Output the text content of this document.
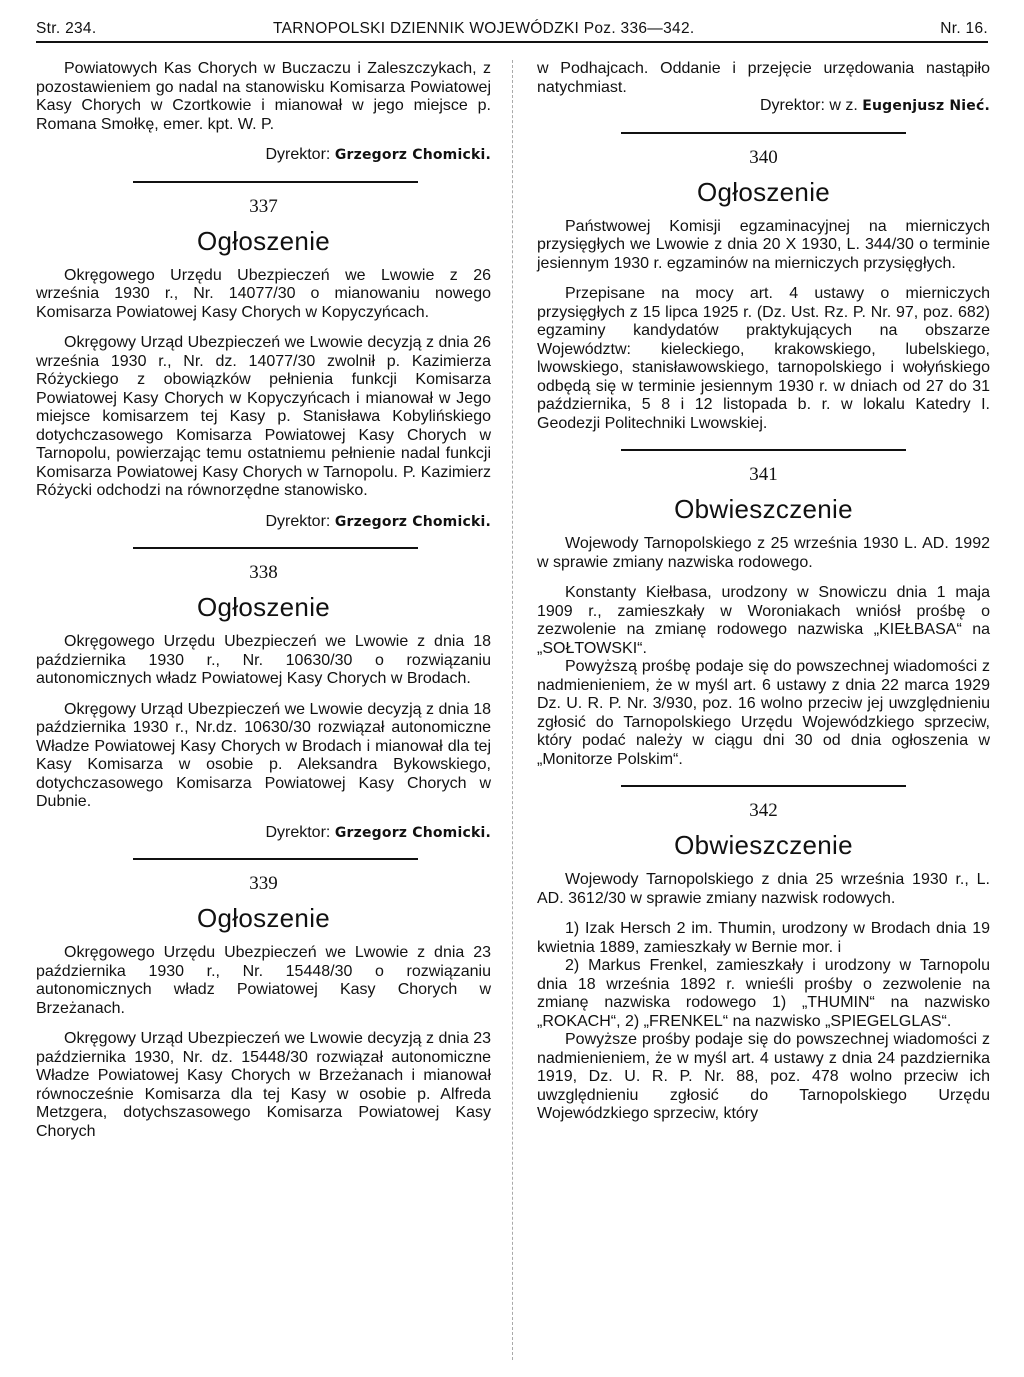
Str. 234.	TARNOPOLSKI DZIENNIK WOJEWÓDZKI Poz. 336—342.	Nr. 16.

Powiatowych Kas Chorych w Buczaczu i Zaleszczykach, z pozostawieniem go nadal na stanowisku Komisarza Powiatowej Kasy Chorych w Czortkowie i mianował w jego miejsce p. Romana Smołkę, emer. kpt. W. P.

Dyrektor: Grzegorz Chomicki.

337
Ogłoszenie

Okręgowego Urzędu Ubezpieczeń we Lwowie z 26 września 1930 r., Nr. 14077/30 o mianowaniu nowego Komisarza Powiatowej Kasy Chorych w Kopyczyńcach.

Okręgowy Urząd Ubezpieczeń we Lwowie decyzją z dnia 26 września 1930 r., Nr. dz. 14077/30 zwolnił p. Kazimierza Różyckiego z obowiązków pełnienia funkcji Komisarza Powiatowej Kasy Chorych w Kopyczyńcach i mianował w Jego miejsce komisarzem tej Kasy p. Stanisława Kobylińskiego dotychczasowego Komisarza Powiatowej Kasy Chorych w Tarnopolu, powierzając temu ostatniemu pełnienie nadal funkcji Komisarza Powiatowej Kasy Chorych w Tarnopolu. P. Kazimierz Różycki odchodzi na równorzędne stanowisko.

Dyrektor: Grzegorz Chomicki.

338
Ogłoszenie

Okręgowego Urzędu Ubezpieczeń we Lwowie z dnia 18 października 1930 r., Nr. 10630/30 o rozwiązaniu autonomicznych władz Powiatowej Kasy Chorych w Brodach.

Okręgowy Urząd Ubezpieczeń we Lwowie decyzją z dnia 18 października 1930 r., Nr.dz. 10630/30 rozwiązał autonomiczne Władze Powiatowej Kasy Chorych w Brodach i mianował dla tej Kasy Komisarza w osobie p. Aleksandra Bykowskiego, dotychczasowego Komisarza Powiatowej Kasy Chorych w Dubnie.

Dyrektor: Grzegorz Chomicki.

339
Ogłoszenie

Okręgowego Urzędu Ubezpieczeń we Lwowie z dnia 23 października 1930 r., Nr. 15448/30 o rozwiązaniu autonomicznych władz Powiatowej Kasy Chorych w Brzeżanach.

Okręgowy Urząd Ubezpieczeń we Lwowie decyzją z dnia 23 października 1930, Nr. dz. 15448/30 rozwiązał autonomiczne Władze Powiatowej Kasy Chorych w Brzeżanach i mianował równocześnie Komisarza dla tej Kasy w osobie p. Alfreda Metzgera, dotychszasowego Komisarza Powiatowej Kasy Chorych

w Podhajcach. Oddanie i przejęcie urzędowania nastąpiło natychmiast.

Dyrektor: w z. Eugenjusz Nieć.

340
Ogłoszenie

Państwowej Komisji egzaminacyjnej na mierniczych przysięgłych we Lwowie z dnia 20 X 1930, L. 344/30 o terminie jesiennym 1930 r. egzaminów na mierniczych przysięgłych.

Przepisane na mocy art. 4 ustawy o mierniczych przysięgłych z 15 lipca 1925 r. (Dz. Ust. Rz. P. Nr. 97, poz. 682) egzaminy kandydatów praktykujących na obszarze Województw: kieleckiego, krakowskiego, lubelskiego, lwowskiego, stanisławowskiego, tarnopolskiego i wołyńskiego odbędą się w terminie jesiennym 1930 r. w dniach od 27 do 31 października, 5 8 i 12 listopada b. r. w lokalu Katedry I. Geodezji Politechniki Lwowskiej.

341
Obwieszczenie

Wojewody Tarnopolskiego z 25 września 1930 L. AD. 1992 w sprawie zmiany nazwiska rodowego.

Konstanty Kiełbasa, urodzony w Snowiczu dnia 1 maja 1909 r., zamieszkały w Woroniakach wniósł prośbę o zezwolenie na zmianę rodowego nazwiska „KIEŁBASA“ na „SOŁTOWSKI“.

Powyższą prośbę podaje się do powszechnej wiadomości z nadmienieniem, że w myśl art. 6 ustawy z dnia 22 marca 1929 Dz. U. R. P. Nr. 3/930, poz. 16 wolno przeciw jej uwzględnieniu zgłosić do Tarnopolskiego Urzędu Wojewódzkiego sprzeciw, który podać należy w ciągu dni 30 od dnia ogłoszenia w „Monitorze Polskim“.

342
Obwieszczenie

Wojewody Tarnopolskiego z dnia 25 września 1930 r., L. AD. 3612/30 w sprawie zmiany nazwisk rodowych.

1) Izak Hersch 2 im. Thumin, urodzony w Brodach dnia 19 kwietnia 1889, zamieszkały w Bernie mor. i

2) Markus Frenkel, zamieszkały i urodzony w Tarnopolu dnia 18 września 1892 r. wnieśli prośby o zezwolenie na zmianę nazwiska rodowego 1) „THUMIN“ na nazwisko „ROKACH“, 2) „FRENKEL“ na nazwisko „SPIEGELGLAS“.

Powyższe prośby podaje się do powszechnej wiadomości z nadmienieniem, że w myśl art. 4 ustawy z dnia 24 pazdziernika 1919, Dz. U. R. P. Nr. 88, poz. 478 wolno przeciw ich uwzględnieniu zgłosić do Tarnopolskiego Urzędu Wojewódzkiego sprzeciw, który
